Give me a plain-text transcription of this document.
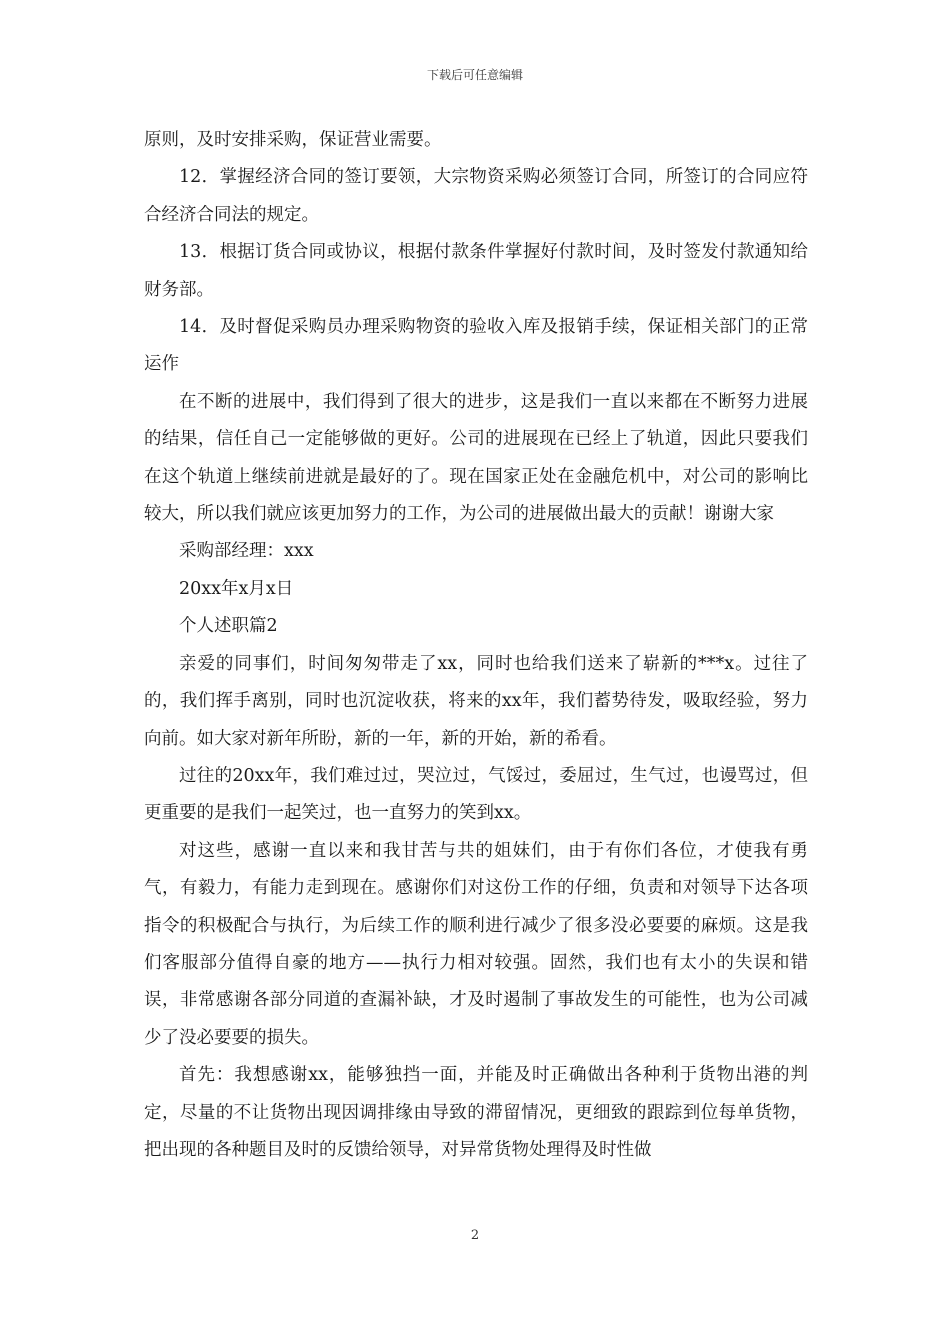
下载后可任意编辑

原则，及时安排采购，保证营业需要。

12．掌握经济合同的签订要领，大宗物资采购必须签订合同，所签订的合同应符合经济合同法的规定。

13．根据订货合同或协议，根据付款条件掌握好付款时间，及时签发付款通知给财务部。

14．及时督促采购员办理采购物资的验收入库及报销手续，保证相关部门的正常运作

在不断的进展中，我们得到了很大的进步，这是我们一直以来都在不断努力进展的结果，信任自己一定能够做的更好。公司的进展现在已经上了轨道，因此只要我们在这个轨道上继续前进就是最好的了。现在国家正处在金融危机中，对公司的影响比较大，所以我们就应该更加努力的工作，为公司的进展做出最大的贡献！谢谢大家

采购部经理：xxx

20xx年x月x日

个人述职篇2

亲爱的同事们，时间匆匆带走了xx，同时也给我们送来了崭新的***x。过往了的，我们挥手离别，同时也沉淀收获，将来的xx年，我们蓄势待发，吸取经验，努力向前。如大家对新年所盼，新的一年，新的开始，新的希看。

过往的20xx年，我们难过过，哭泣过，气馁过，委屈过，生气过，也谩骂过，但更重要的是我们一起笑过，也一直努力的笑到xx。

对这些，感谢一直以来和我甘苦与共的姐妹们，由于有你们各位，才使我有勇气，有毅力，有能力走到现在。感谢你们对这份工作的仔细，负责和对领导下达各项指令的积极配合与执行，为后续工作的顺利进行减少了很多没必要要的麻烦。这是我们客服部分值得自豪的地方——执行力相对较强。固然，我们也有太小的失误和错误，非常感谢各部分同道的查漏补缺，才及时遏制了事故发生的可能性，也为公司减少了没必要要的损失。

首先：我想感谢xx，能够独挡一面，并能及时正确做出各种利于货物出港的判定，尽量的不让货物出现因调排缘由导致的滞留情况，更细致的跟踪到位每单货物，把出现的各种题目及时的反馈给领导，对异常货物处理得及时性做

2
